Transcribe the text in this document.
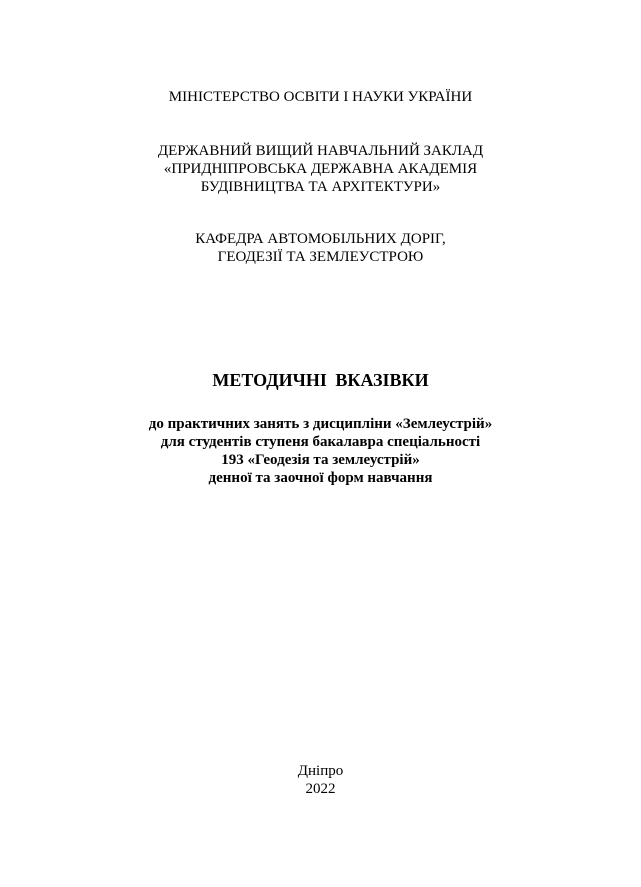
МІНІСТЕРСТВО ОСВІТИ І НАУКИ УКРАЇНИ
ДЕРЖАВНИЙ ВИЩИЙ НАВЧАЛЬНИЙ ЗАКЛАД
«ПРИДНІПРОВСЬКА ДЕРЖАВНА АКАДЕМІЯ
БУДІВНИЦТВА ТА АРХІТЕКТУРИ»
КАФЕДРА АВТОМОБІЛЬНИХ ДОРІГ,
ГЕОДЕЗІЇ ТА ЗЕМЛЕУСТРОЮ
МЕТОДИЧНІ ВКАЗІВКИ
до практичних занять з дисципліни «Землеустрій»
для студентів ступеня бакалавра спеціальності
193 «Геодезія та землеустрій»
денної та заочної форм навчання
Дніпро
2022
